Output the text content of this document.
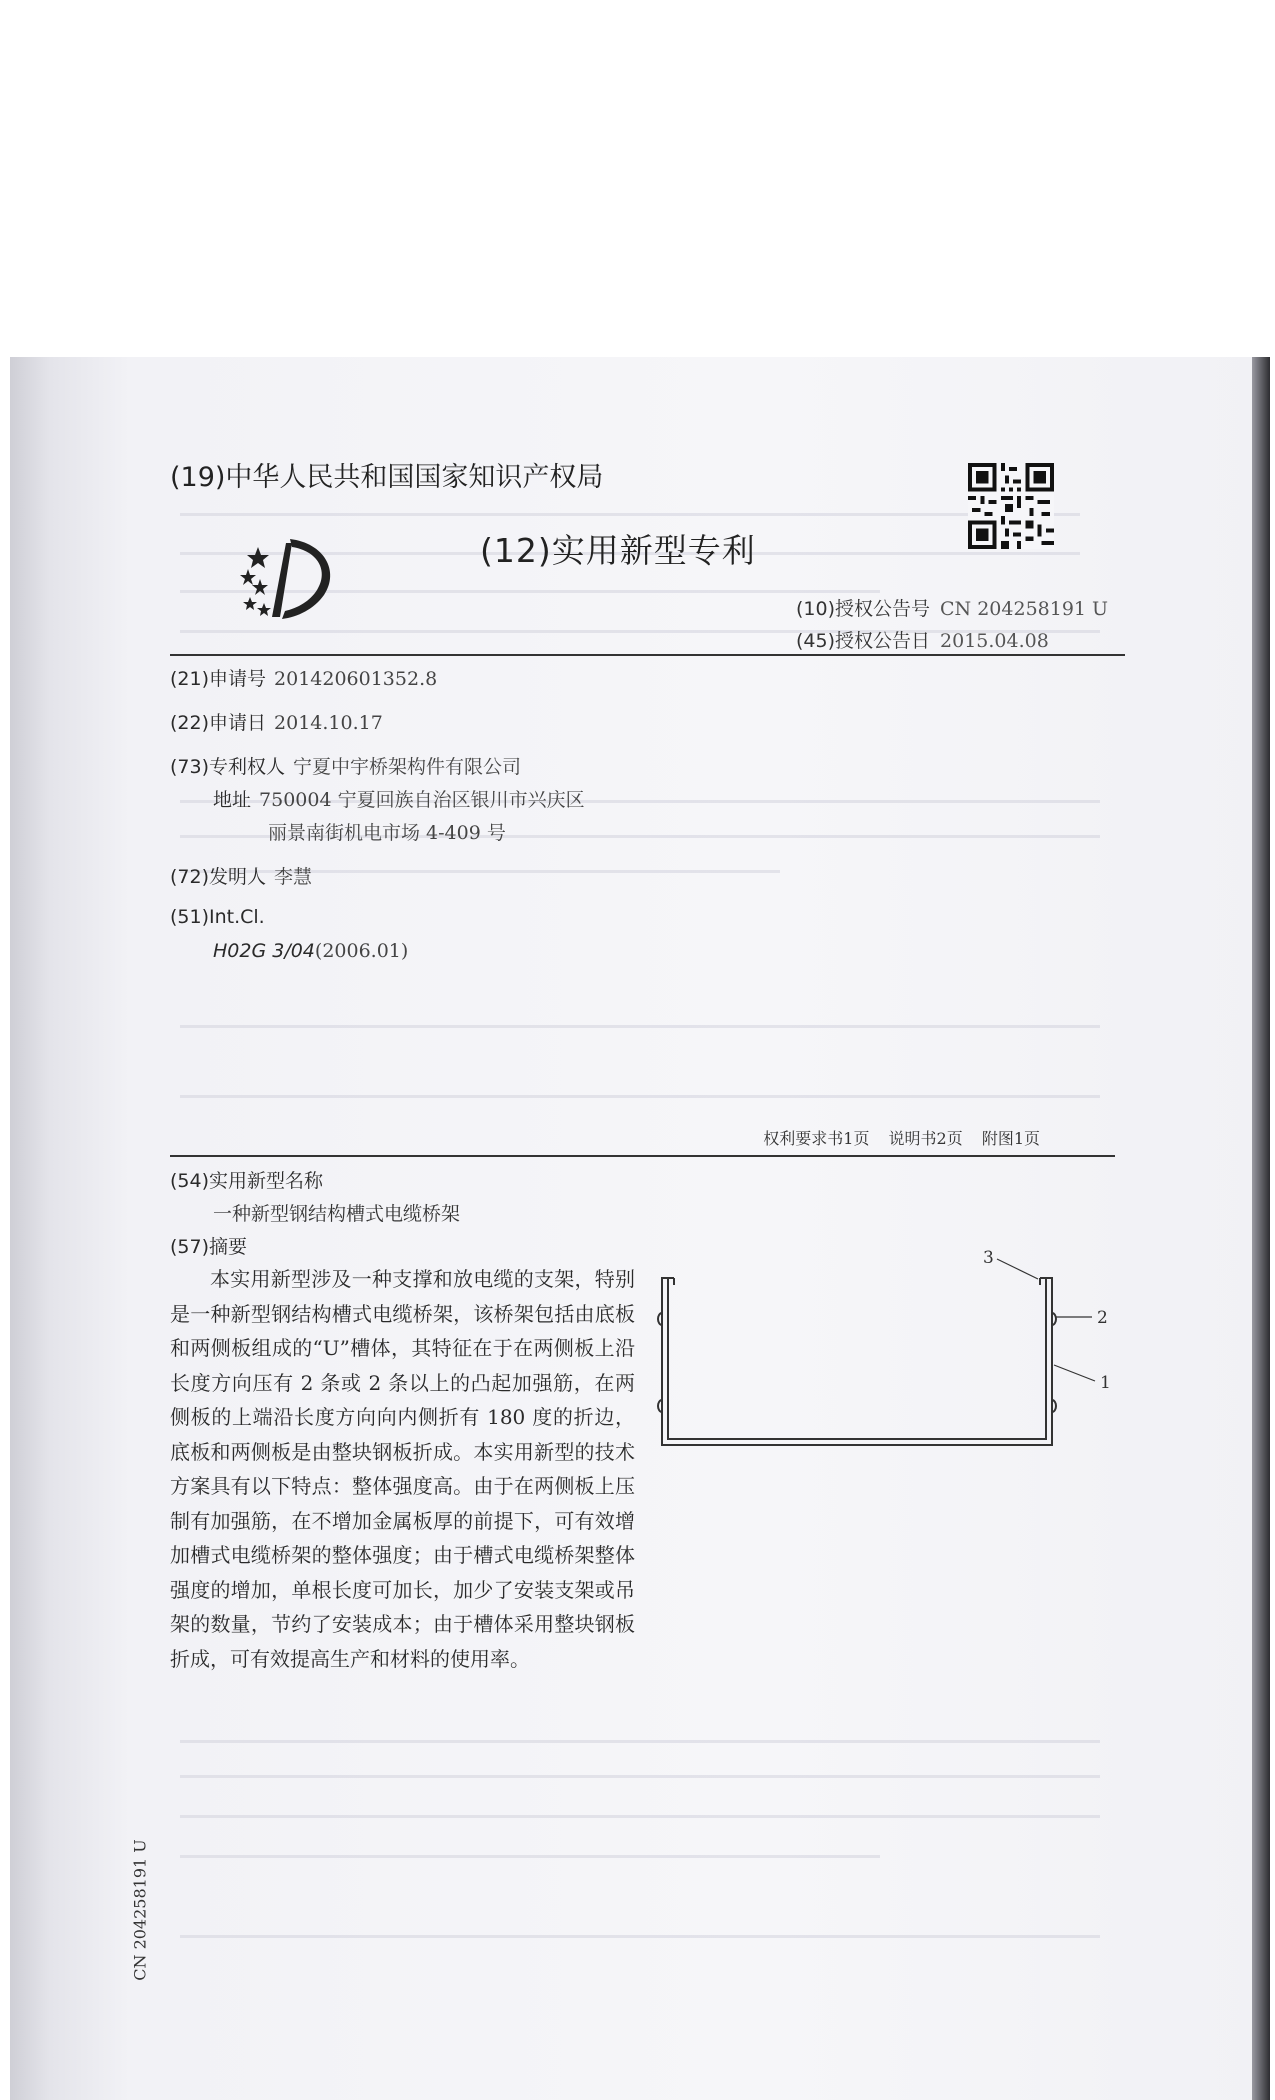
(19)中华人民共和国国家知识产权局
(12)实用新型专利
(10)授权公告号 CN 204258191 U
(45)授权公告日 2015.04.08
(21)申请号 201420601352.8
(22)申请日 2014.10.17
(73)专利权人 宁夏中宇桥架构件有限公司
地址 750004 宁夏回族自治区银川市兴庆区
丽景南街机电市场 4-409 号
(72)发明人 李慧
(51)Int.Cl.
H02G 3/04(2006.01)
权利要求书1页 说明书2页 附图1页
(54)实用新型名称
一种新型钢结构槽式电缆桥架
(57)摘要
本实用新型涉及一种支撑和放电缆的支架，特别是一种新型钢结构槽式电缆桥架，该桥架包括由底板和两侧板组成的“U”槽体，其特征在于在两侧板上沿长度方向压有 2 条或 2 条以上的凸起加强筋，在两侧板的上端沿长度方向向内侧折有 180 度的折边，底板和两侧板是由整块钢板折成。本实用新型的技术方案具有以下特点：整体强度高。由于在两侧板上压制有加强筋，在不增加金属板厚的前提下，可有效增加槽式电缆桥架的整体强度；由于槽式电缆桥架整体强度的增加，单根长度可加长，加少了安装支架或吊架的数量，节约了安装成本；由于槽体采用整块钢板折成，可有效提高生产和材料的使用率。
3
2
1
CN 204258191 U
